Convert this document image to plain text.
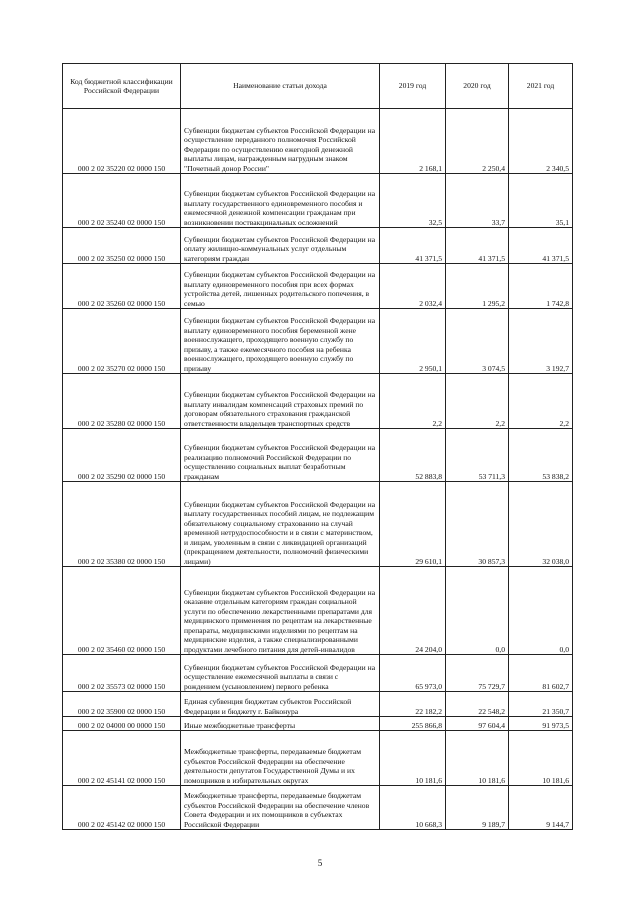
Код бюджетной классификации Российской Федерации	Наименование статьи дохода	2019 год	2020 год	2021 год
000 2 02 35220 02 0000 150	Субвенции бюджетам субъектов Российской Федерации на осуществление переданного полномочия Российской Федерации по осуществлению ежегодной денежной выплаты лицам, награжденным нагрудным знаком "Почетный донор России"	2 168,1	2 250,4	2 340,5
000 2 02 35240 02 0000 150	Субвенции бюджетам субъектов Российской Федерации на выплату государственного единовременного пособия и ежемесячной денежной компенсации гражданам при возникновении поствакцинальных осложнений	32,5	33,7	35,1
000 2 02 35250 02 0000 150	Субвенции бюджетам субъектов Российской Федерации на оплату жилищно-коммунальных услуг отдельным категориям граждан	41 371,5	41 371,5	41 371,5
000 2 02 35260 02 0000 150	Субвенции бюджетам субъектов Российской Федерации на выплату единовременного пособия при всех формах устройства детей, лишенных родительского попечения, в семью	2 032,4	1 295,2	1 742,8
000 2 02 35270 02 0000 150	Субвенции бюджетам субъектов Российской Федерации на выплату единовременного пособия беременной жене военнослужащего, проходящего военную службу по призыву, а также ежемесячного пособия на ребенка военнослужащего, проходящего военную службу по призыву	2 950,1	3 074,5	3 192,7
000 2 02 35280 02 0000 150	Субвенции бюджетам субъектов Российской Федерации на выплату инвалидам компенсаций страховых премий по договорам обязательного страхования гражданской ответственности владельцев транспортных средств	2,2	2,2	2,2
000 2 02 35290 02 0000 150	Субвенции бюджетам субъектов Российской Федерации на реализацию полномочий Российской Федерации по осуществлению социальных выплат безработным гражданам	52 883,8	53 711,3	53 838,2
000 2 02 35380 02 0000 150	Субвенции бюджетам субъектов Российской Федерации на выплату государственных пособий лицам, не подлежащим обязательному социальному страхованию на случай временной нетрудоспособности и в связи с материнством, и лицам, уволенным в связи с ликвидацией организаций (прекращением деятельности, полномочий физическими лицами)	29 610,1	30 857,3	32 038,0
000 2 02 35460 02 0000 150	Субвенции бюджетам субъектов Российской Федерации на оказание отдельным категориям граждан социальной услуги по обеспечению лекарственными препаратами для медицинского применения по рецептам на лекарственные препараты, медицинскими изделиями по рецептам на медицинские изделия, а также специализированными продуктами лечебного питания для детей-инвалидов	24 204,0	0,0	0,0
000 2 02 35573 02 0000 150	Субвенции бюджетам субъектов Российской Федерации на осуществление ежемесячной выплаты в связи с рождением (усыновлением) первого ребенка	65 973,0	75 729,7	81 602,7
000 2 02 35900 02 0000 150	Единая субвенция бюджетам субъектов Российской Федерации и бюджету г. Байконура	22 182,2	22 548,2	21 350,7
000 2 02 04000 00 0000 150	Иные межбюджетные трансферты	255 866,8	97 604,4	91 973,5
000 2 02 45141 02 0000 150	Межбюджетные трансферты, передаваемые бюджетам субъектов Российской Федерации на обеспечение деятельности депутатов Государственной Думы и их помощников в избирательных округах	10 181,6	10 181,6	10 181,6
000 2 02 45142 02 0000 150	Межбюджетные трансферты, передаваемые бюджетам субъектов Российской Федерации на обеспечение членов Совета Федерации и их помощников в субъектах Российской Федерации	10 668,3	9 189,7	9 144,7
5
